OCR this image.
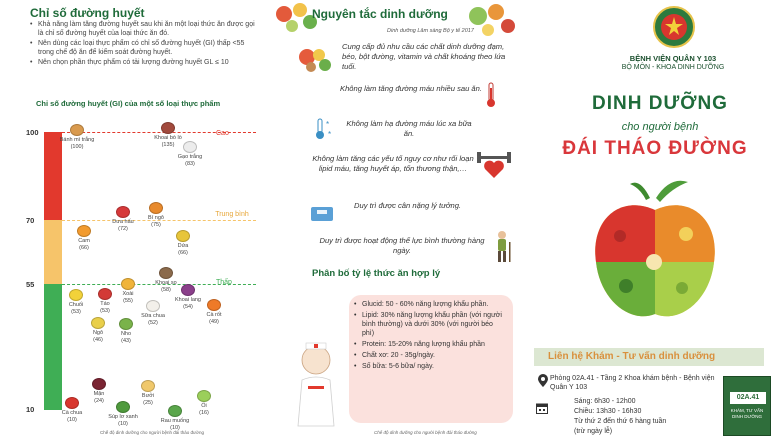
Chỉ số đường huyết
• Khả năng làm tăng đường huyết sau khi ăn một loại thức ăn được gọi là chỉ số đường huyết của loại thức ăn đó.
• Nên dùng các loại thực phẩm có chỉ số đường huyết (GI) thấp <55 trong chế độ ăn để kiểm soát đường huyết.
• Nên chọn phần thực phẩm có tải lượng đường huyết GL ≤ 10
Chỉ số đường huyết (GI) của một số loại thực phẩm
100
70
55
10
Cao
Trung bình
Thấp
Bánh mì trắng
(100)
Khoai bò lò
(135)
Gạo trắng
(83)
Dưa hấu
(72)
Bí ngô
(75)
Dứa
(66)
Cam
(66)
Khoai sọ
(58)
Chuối
(53)
Táo
(53)
Xoài
(55)
Sữa chua
(52)
Khoai lang
(54)
Cà rốt
(49)
Ngô
(46)
Nho
(43)
Cà chua
(10)
Mận
(24)
Súp lơ xanh
(10)
Bưởi
(25)
Rau muống
(10)
Ổi
(16)
Chế độ dinh dưỡng cho người bệnh đái tháo đường
Nguyên tắc dinh dưỡng
Dinh dưỡng Lâm sàng Bộ y tế 2017
Cung cấp đủ nhu cầu các chất dinh dưỡng đạm, béo, bột đường, vitamin và chất khoáng theo lứa tuổi.
Không làm tăng đường máu nhiều sau ăn.
*
*
Không làm hạ đường máu lúc xa bữa ăn.
Không làm tăng các yếu tố nguy cơ như rối loạn lipid máu, tăng huyết áp, tổn thương thận,…
Duy trì được cân nặng lý tưởng.
Duy trì được hoạt động thể lực bình thường hàng ngày.
Phân bố tỷ lệ thức ăn hợp lý
• Glucid: 50 - 60% năng lượng khẩu phần.
• Lipid: 30% năng lượng khẩu phần (với người bình thường) và dưới 30% (với người béo phì)
• Protein: 15-20% năng lượng khẩu phần
• Chất xơ: 20 - 35g/ngày.
• Số bữa: 5-6 bữa/ ngày.
Chế độ dinh dưỡng cho người bệnh đái tháo đường
BỆNH VIỆN QUÂN Y 103
BỘ MÔN - KHOA DINH DƯỠNG
DINH DƯỠNG
cho người bệnh
ĐÁI THÁO ĐƯỜNG
Liên hệ Khám - Tư vấn dinh dưỡng
Phòng 02A.41 - Tầng 2 Khoa khám bệnh - Bệnh viện Quân Y 103
Sáng: 6h30 - 12h00
Chiều: 13h30 - 16h30
Từ thứ 2 đến thứ 6 hàng tuần
(trừ ngày lễ)
02A.41
KHÁM, TƯ VẤN DINH DƯỠNG
